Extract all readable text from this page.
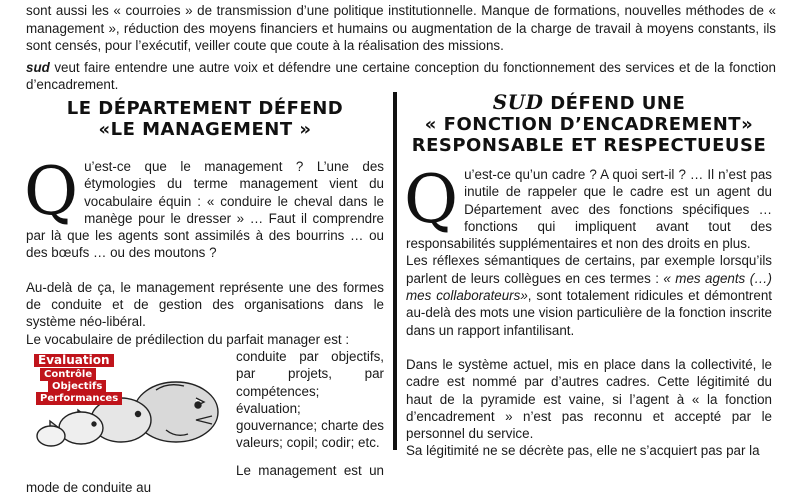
sont aussi les « courroies » de transmission d’une politique institutionnelle. Manque de formations, nouvelles méthodes de « management », réduction des moyens financiers et humains ou augmentation de la charge de travail à moyens constants, ils sont censés, pour l’exécutif, veiller coute que coute à la réalisation des missions.

sud veut faire entendre une autre voix et défendre une certaine conception du fonctionnement des services et de la fonction d’encadrement.

LE DÉPARTEMENT DÉFEND
«LE MANAGEMENT »

Qu’est-ce que le management ? L’une des étymologies du terme management vient du vocabulaire équin : « conduire le cheval dans le manège pour le dresser » … Faut il comprendre par là que les agents sont assimilés à des bourrins … ou des bœufs … ou des moutons ?

Au-delà de ça, le management représente une des formes de conduite et de gestion des organisations dans le système néo-libéral.

Le vocabulaire de prédilection du parfait manager est :

Evaluation
Contrôle
Objectifs
Performances

conduite par objectifs, par projets, par compétences; évaluation; gouvernance; charte des valeurs; copil; codir; etc.

Le management est un mode de conduite au

SUD DÉFEND UNE
« FONCTION D’ENCADREMENT»
RESPONSABLE ET RESPECTUEUSE

Qu’est-ce qu’un cadre ? A quoi sert-il ? … Il n’est pas inutile de rappeler que le cadre est un agent du Département avec des fonctions spécifiques … fonctions qui impliquent avant tout des responsabilités supplémentaires et non des droits en plus.

Les réflexes sémantiques de certains, par exemple lorsqu’ils parlent de leurs collègues en ces termes : « mes agents (…) mes collaborateurs», sont totalement ridicules et démontrent au-delà des mots une vision particulière de la fonction inscrite dans un rapport infantilisant.

Dans le système actuel, mis en place dans la collectivité, le cadre est nommé par d’autres cadres. Cette légitimité du haut de la pyramide est vaine, si l’agent à « la fonction d’encadrement » n’est pas reconnu et accepté par le personnel du service.

Sa légitimité ne se décrète pas, elle ne s’acquiert pas par la
